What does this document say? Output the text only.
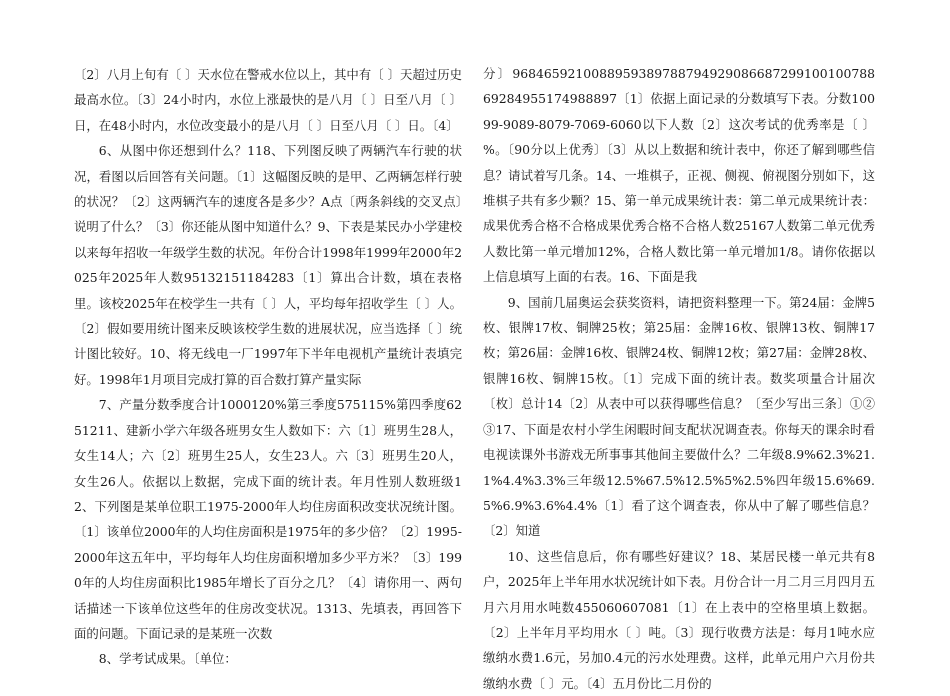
〔2〕八月上旬有〔 〕天水位在警戒水位以上，其中有〔 〕天超过历史最高水位。〔3〕24小时内，水位上涨最快的是八月〔 〕日至八月〔 〕日，在48小时内，水位改变最小的是八月〔 〕日至八月〔 〕日。〔4〕

6、从图中你还想到什么？118、下列图反映了两辆汽车行驶的状况，看图以后回答有关问题。〔1〕这幅图反映的是甲、乙两辆怎样行驶的状况？〔2〕这两辆汽车的速度各是多少？A点〔两条斜线的交叉点〕说明了什么？〔3〕你还能从图中知道什么？9、下表是某民办小学建校以来每年招收一年级学生数的状况。年份合计1998年1999年2000年2025年2025年人数95132151184283〔1〕算出合计数，填在表格里。该校2025年在校学生一共有〔 〕人，平均每年招收学生〔 〕人。〔2〕假如要用统计图来反映该校学生数的进展状况，应当选择〔 〕统计图比较好。10、将无线电一厂1997年下半年电视机产量统计表填完好。1998年1月项目完成打算的百合数打算产量实际

7、产量分数季度合计1000120%第三季度575115%第四季度6251211、建新小学六年级各班男女生人数如下：六〔1〕班男生28人，女生14人；六〔2〕班男生25人，女生23人。六〔3〕班男生20人，女生26人。依据以上数据，完成下面的统计表。年月性别人数班级12、下列图是某单位职工1975-2000年人均住房面积改变状况统计图。〔1〕该单位2000年的人均住房面积是1975年的多少倍？〔2〕1995-2000年这五年中，平均每年人均住房面积增加多少平方米？〔3〕1990年的人均住房面积比1985年增长了百分之几？〔4〕请你用一、两句话描述一下该单位这些年的住房改变状况。1313、先填表，再回答下面的问题。下面记录的是某班一次数

8、学考试成果。〔单位：

分〕968465921008895938978879492908668729910010078869284955174988897〔1〕依据上面记录的分数填写下表。分数10099-9089-8079-7069-6060以下人数〔2〕这次考试的优秀率是〔 〕%。〔90分以上优秀〕〔3〕从以上数据和统计表中，你还了解到哪些信息？请试着写几条。14、一堆棋子，正视、侧视、俯视图分别如下，这堆棋子共有多少颗？15、第一单元成果统计表：第二单元成果统计表：成果优秀合格不合格成果优秀合格不合格人数25167人数第二单元优秀人数比第一单元增加12%，合格人数比第一单元增加1/8。请你依据以上信息填写上面的右表。16、下面是我

9、国前几届奥运会获奖资料，请把资料整理一下。第24届：金牌5枚、银牌17枚、铜牌25枚；第25届：金牌16枚、银牌13枚、铜牌17枚；第26届：金牌16枚、银牌24枚、铜牌12枚；第27届：金牌28枚、银牌16枚、铜牌15枚。〔1〕完成下面的统计表。数奖项量合计届次〔枚〕总计14〔2〕从表中可以获得哪些信息？〔至少写出三条〕①②③17、下面是农村小学生闲暇时间支配状况调查表。你每天的课余时看电视读课外书游戏无所事事其他间主要做什么？二年级8.9%62.3%21.1%4.4%3.3%三年级12.5%67.5%12.5%5%2.5%四年级15.6%69.5%6.9%3.6%4.4%〔1〕看了这个调查表，你从中了解了哪些信息？〔2〕知道

10、这些信息后，你有哪些好建议？18、某居民楼一单元共有8户，2025年上半年用水状况统计如下表。月份合计一月二月三月四月五月六月用水吨数455060607081〔1〕在上表中的空格里填上数据。〔2〕上半年月平均用水〔 〕吨。〔3〕现行收费方法是：每月1吨水应缴纳水费1.6元，另加0.4元的污水处理费。这样，此单元用户六月份共缴纳水费〔 〕元。〔4〕五月份比二月份的
